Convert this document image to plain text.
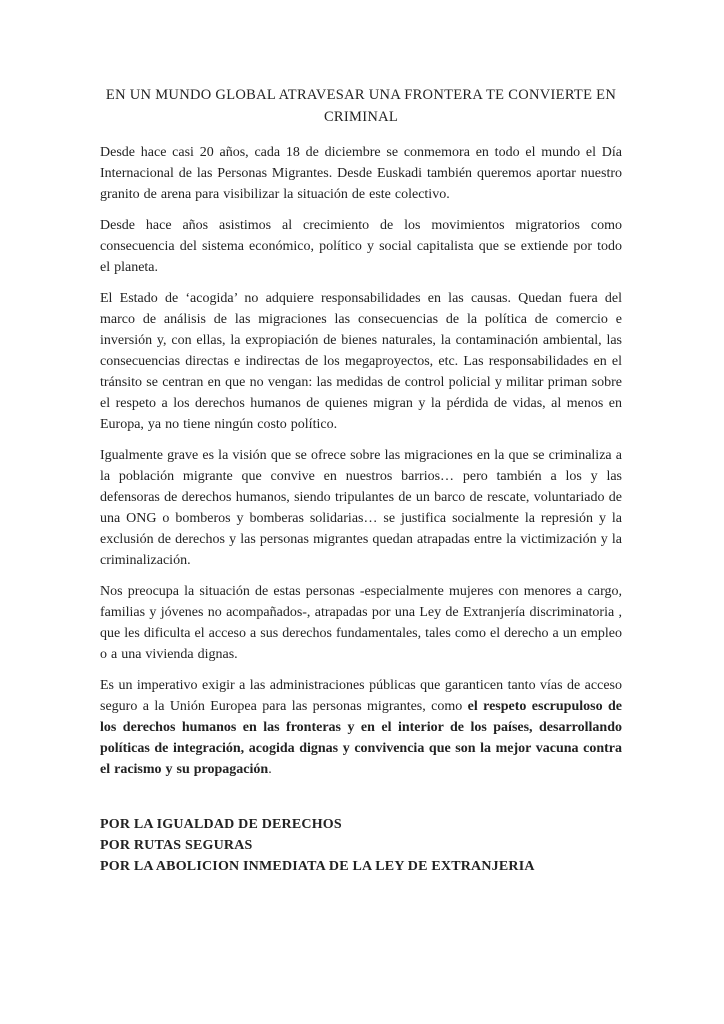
EN UN MUNDO GLOBAL ATRAVESAR UNA FRONTERA TE CONVIERTE EN CRIMINAL

Desde hace casi 20 años, cada 18 de diciembre se conmemora en todo el mundo el Día Internacional de las Personas Migrantes. Desde Euskadi también queremos aportar nuestro granito de arena para visibilizar la situación de este colectivo.

Desde hace años asistimos al crecimiento de los movimientos migratorios como consecuencia del sistema económico, político y social capitalista que se extiende por todo el planeta.

El Estado de ‘acogida’ no adquiere responsabilidades en las causas. Quedan fuera del marco de análisis de las migraciones las consecuencias de la política de comercio e inversión y, con ellas, la expropiación de bienes naturales, la contaminación ambiental, las consecuencias directas e indirectas de los megaproyectos, etc. Las responsabilidades en el tránsito se centran en que no vengan: las medidas de control policial y militar priman sobre el respeto a los derechos humanos de quienes migran y la pérdida de vidas, al menos en Europa, ya no tiene ningún costo político.

Igualmente grave es la visión que se ofrece sobre las migraciones en la que se criminaliza a la población migrante que convive en nuestros barrios… pero también a los y las defensoras de derechos humanos, siendo tripulantes de un barco de rescate, voluntariado de una ONG o bomberos y bomberas solidarias… se justifica socialmente la represión y la exclusión de derechos y las personas migrantes quedan atrapadas entre la victimización y la criminalización.

Nos preocupa la situación de estas personas -especialmente mujeres con menores a cargo, familias y jóvenes no acompañados-, atrapadas por una Ley de Extranjería discriminatoria , que les dificulta el acceso a sus derechos fundamentales, tales como el derecho a un empleo o a una vivienda dignas.

Es un imperativo exigir a las administraciones públicas que garanticen tanto vías de acceso seguro a la Unión Europea para las personas migrantes, como el respeto escrupuloso de los derechos humanos en las fronteras y en el interior de los países, desarrollando políticas de integración, acogida dignas y convivencia que son la mejor vacuna contra el racismo y su propagación.

POR LA IGUALDAD DE DERECHOS

POR RUTAS SEGURAS

POR LA ABOLICION INMEDIATA DE LA LEY DE EXTRANJERIA
